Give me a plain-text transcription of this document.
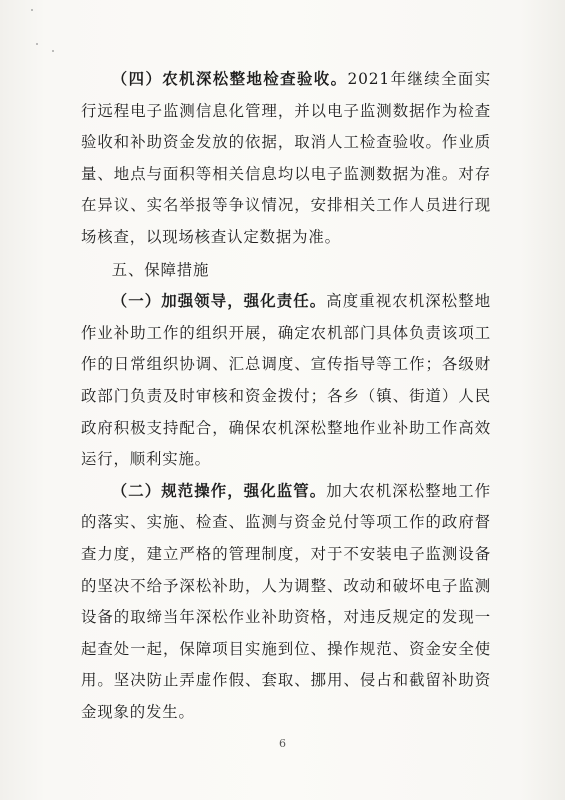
（四）农机深松整地检查验收。2021年继续全面实行远程电子监测信息化管理，并以电子监测数据作为检查验收和补助资金发放的依据，取消人工检查验收。作业质量、地点与面积等相关信息均以电子监测数据为准。对存在异议、实名举报等争议情况，安排相关工作人员进行现场核查，以现场核查认定数据为准。

五、保障措施

（一）加强领导，强化责任。高度重视农机深松整地作业补助工作的组织开展，确定农机部门具体负责该项工作的日常组织协调、汇总调度、宣传指导等工作；各级财政部门负责及时审核和资金拨付；各乡（镇、街道）人民政府积极支持配合，确保农机深松整地作业补助工作高效运行，顺利实施。

（二）规范操作，强化监管。加大农机深松整地工作的落实、实施、检查、监测与资金兑付等项工作的政府督查力度，建立严格的管理制度，对于不安装电子监测设备的坚决不给予深松补助，人为调整、改动和破坏电子监测设备的取缔当年深松作业补助资格，对违反规定的发现一起查处一起，保障项目实施到位、操作规范、资金安全使用。坚决防止弄虚作假、套取、挪用、侵占和截留补助资金现象的发生。

6
